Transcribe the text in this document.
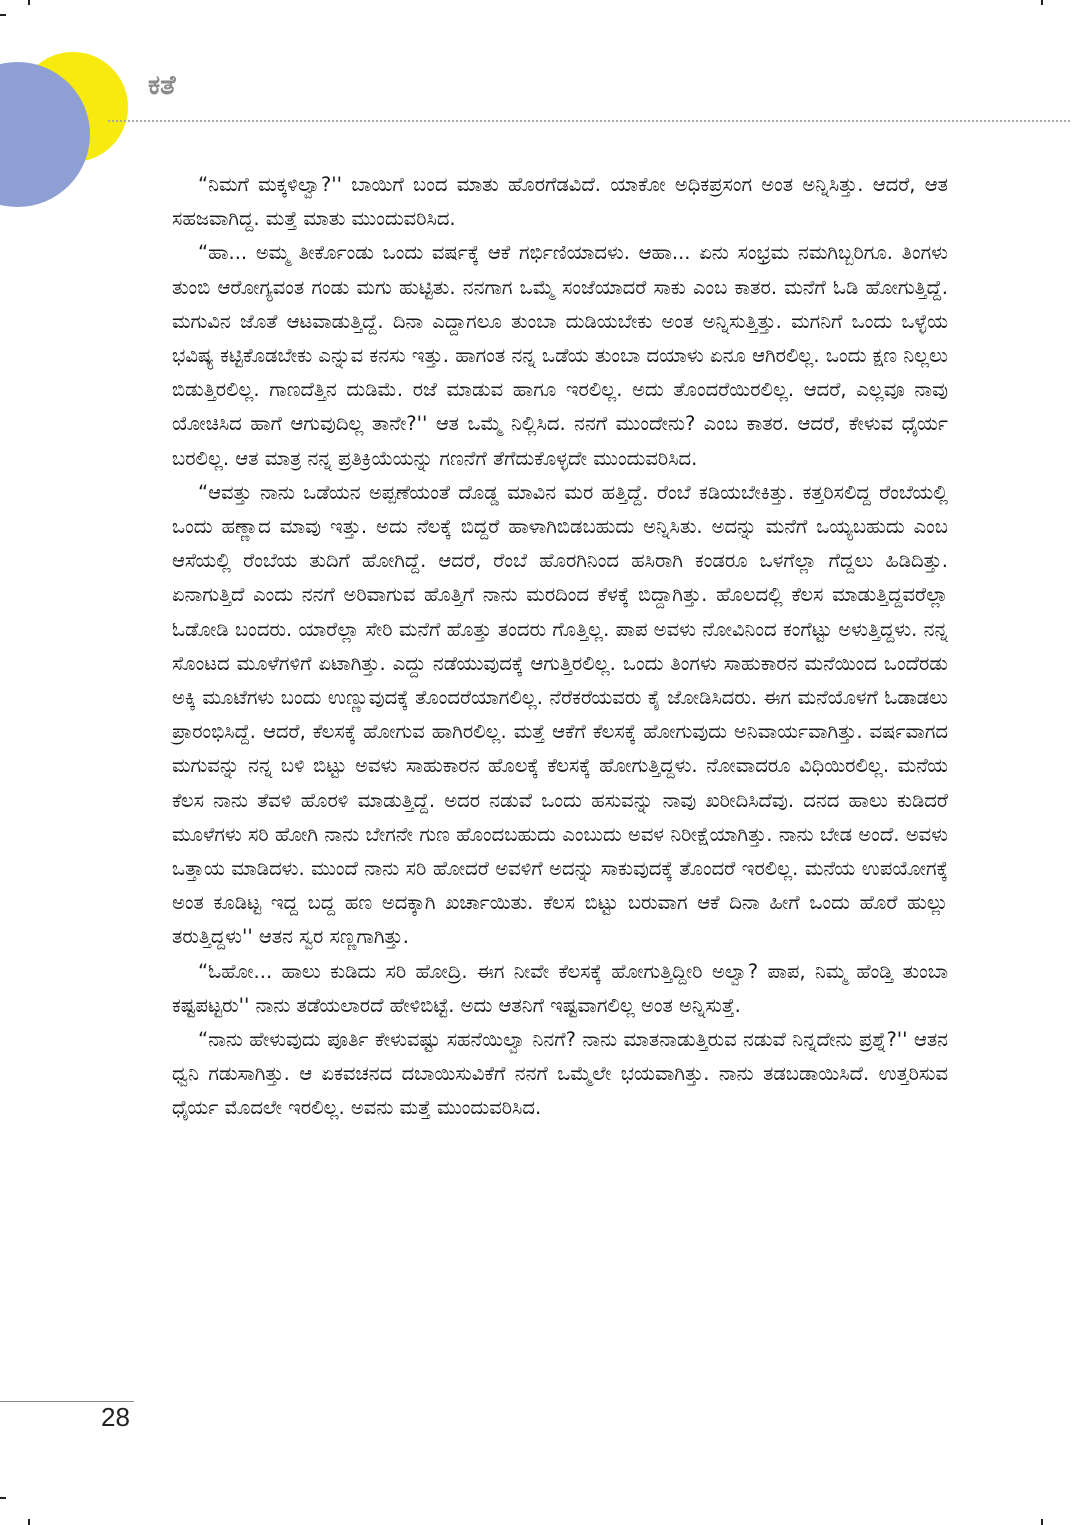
ಕತೆ

“ನಿಮಗೆ ಮಕ್ಕಳಿಲ್ವಾ?'' ಬಾಯಿಗೆ ಬಂದ ಮಾತು ಹೊರಗೆಡವಿದೆ. ಯಾಕೋ ಅಧಿಕಪ್ರಸಂಗ ಅಂತ ಅನ್ನಿಸಿತ್ತು. ಆದರೆ, ಆತ ಸಹಜವಾಗಿದ್ದ. ಮತ್ತೆ ಮಾತು ಮುಂದುವರಿಸಿದ.

“ಹಾ... ಅಮ್ಮ ತೀರ್ಕೊಂಡು ಒಂದು ವರ್ಷಕ್ಕೆ ಆಕೆ ಗರ್ಭಿಣಿಯಾದಳು. ಆಹಾ... ಏನು ಸಂಭ್ರಮ ನಮಗಿಬ್ಬರಿಗೂ. ತಿಂಗಳು ತುಂಬಿ ಆರೋಗ್ಯವಂತ ಗಂಡು ಮಗು ಹುಟ್ಟಿತು. ನನಗಾಗ ಒಮ್ಮೆ ಸಂಜೆಯಾದರೆ ಸಾಕು ಎಂಬ ಕಾತರ. ಮನೆಗೆ ಓಡಿ ಹೋಗುತ್ತಿದ್ದೆ. ಮಗುವಿನ ಜೊತೆ ಆಟವಾಡುತ್ತಿದ್ದೆ. ದಿನಾ ಎದ್ದಾಗಲೂ ತುಂಬಾ ದುಡಿಯಬೇಕು ಅಂತ ಅನ್ನಿಸುತ್ತಿತ್ತು. ಮಗನಿಗೆ ಒಂದು ಒಳ್ಳೆಯ ಭವಿಷ್ಯ ಕಟ್ಟಿಕೊಡಬೇಕು ಎನ್ನುವ ಕನಸು ಇತ್ತು. ಹಾಗಂತ ನನ್ನ ಒಡೆಯ ತುಂಬಾ ದಯಾಳು ಏನೂ ಆಗಿರಲಿಲ್ಲ. ಒಂದು ಕ್ಷಣ ನಿಲ್ಲಲು ಬಿಡುತ್ತಿರಲಿಲ್ಲ. ಗಾಣದೆತ್ತಿನ ದುಡಿಮೆ. ರಜೆ ಮಾಡುವ ಹಾಗೂ ಇರಲಿಲ್ಲ. ಅದು ತೊಂದರೆಯಿರಲಿಲ್ಲ. ಆದರೆ, ಎಲ್ಲವೂ ನಾವು ಯೋಚಿಸಿದ ಹಾಗೆ ಆಗುವುದಿಲ್ಲ ತಾನೇ?'' ಆತ ಒಮ್ಮೆ ನಿಲ್ಲಿಸಿದ. ನನಗೆ ಮುಂದೇನು? ಎಂಬ ಕಾತರ. ಆದರೆ, ಕೇಳುವ ಧೈರ್ಯ ಬರಲಿಲ್ಲ. ಆತ ಮಾತ್ರ ನನ್ನ ಪ್ರತಿಕ್ರಿಯೆಯನ್ನು ಗಣನೆಗೆ ತೆಗೆದುಕೊಳ್ಳದೇ ಮುಂದುವರಿಸಿದ.

“ಆವತ್ತು ನಾನು ಒಡೆಯನ ಅಪ್ಪಣೆಯಂತೆ ದೊಡ್ಡ ಮಾವಿನ ಮರ ಹತ್ತಿದ್ದೆ. ರೆಂಬೆ ಕಡಿಯಬೇಕಿತ್ತು. ಕತ್ತರಿಸಲಿದ್ದ ರೆಂಬೆಯಲ್ಲಿ ಒಂದು ಹಣ್ಣಾದ ಮಾವು ಇತ್ತು. ಅದು ನೆಲಕ್ಕೆ ಬಿದ್ದರೆ ಹಾಳಾಗಿಬಿಡಬಹುದು ಅನ್ನಿಸಿತು. ಅದನ್ನು ಮನೆಗೆ ಒಯ್ಯಬಹುದು ಎಂಬ ಆಸೆಯಲ್ಲಿ ರೆಂಬೆಯ ತುದಿಗೆ ಹೋಗಿದ್ದೆ. ಆದರೆ, ರೆಂಬೆ ಹೊರಗಿನಿಂದ ಹಸಿರಾಗಿ ಕಂಡರೂ ಒಳಗೆಲ್ಲಾ ಗೆದ್ದಲು ಹಿಡಿದಿತ್ತು. ಏನಾಗುತ್ತಿದೆ ಎಂದು ನನಗೆ ಅರಿವಾಗುವ ಹೊತ್ತಿಗೆ ನಾನು ಮರದಿಂದ ಕೆಳಕ್ಕೆ ಬಿದ್ದಾಗಿತ್ತು. ಹೊಲದಲ್ಲಿ ಕೆಲಸ ಮಾಡುತ್ತಿದ್ದವರೆಲ್ಲಾ ಓಡೋಡಿ ಬಂದರು. ಯಾರೆಲ್ಲಾ ಸೇರಿ ಮನೆಗೆ ಹೊತ್ತು ತಂದರು ಗೊತ್ತಿಲ್ಲ. ಪಾಪ ಅವಳು ನೋವಿನಿಂದ ಕಂಗೆಟ್ಟು ಅಳುತ್ತಿದ್ದಳು. ನನ್ನ ಸೊಂಟದ ಮೂಳೆಗಳಿಗೆ ಏಟಾಗಿತ್ತು. ಎದ್ದು ನಡೆಯುವುದಕ್ಕೆ ಆಗುತ್ತಿರಲಿಲ್ಲ. ಒಂದು ತಿಂಗಳು ಸಾಹುಕಾರನ ಮನೆಯಿಂದ ಒಂದೆರಡು ಅಕ್ಕಿ ಮೂಟೆಗಳು ಬಂದು ಉಣ್ಣುವುದಕ್ಕೆ ತೊಂದರೆಯಾಗಲಿಲ್ಲ. ನೆರೆಕರೆಯವರು ಕೈ ಜೋಡಿಸಿದರು. ಈಗ ಮನೆಯೊಳಗೆ ಓಡಾಡಲು ಪ್ರಾರಂಭಿಸಿದ್ದೆ. ಆದರೆ, ಕೆಲಸಕ್ಕೆ ಹೋಗುವ ಹಾಗಿರಲಿಲ್ಲ. ಮತ್ತೆ ಆಕೆಗೆ ಕೆಲಸಕ್ಕೆ ಹೋಗುವುದು ಅನಿವಾರ್ಯವಾಗಿತ್ತು. ವರ್ಷವಾಗದ ಮಗುವನ್ನು ನನ್ನ ಬಳಿ ಬಿಟ್ಟು ಅವಳು ಸಾಹುಕಾರನ ಹೊಲಕ್ಕೆ ಕೆಲಸಕ್ಕೆ ಹೋಗುತ್ತಿದ್ದಳು. ನೋವಾದರೂ ವಿಧಿಯಿರಲಿಲ್ಲ. ಮನೆಯ ಕೆಲಸ ನಾನು ತೆವಳಿ ಹೊರಳಿ ಮಾಡುತ್ತಿದ್ದೆ. ಅದರ ನಡುವೆ ಒಂದು ಹಸುವನ್ನು ನಾವು ಖರೀದಿಸಿದೆವು. ದನದ ಹಾಲು ಕುಡಿದರೆ ಮೂಳೆಗಳು ಸರಿ ಹೋಗಿ ನಾನು ಬೇಗನೇ ಗುಣ ಹೊಂದಬಹುದು ಎಂಬುದು ಅವಳ ನಿರೀಕ್ಷೆಯಾಗಿತ್ತು. ನಾನು ಬೇಡ ಅಂದೆ. ಅವಳು ಒತ್ತಾಯ ಮಾಡಿದಳು. ಮುಂದೆ ನಾನು ಸರಿ ಹೋದರೆ ಅವಳಿಗೆ ಅದನ್ನು ಸಾಕುವುದಕ್ಕೆ ತೊಂದರೆ ಇರಲಿಲ್ಲ. ಮನೆಯ ಉಪಯೋಗಕ್ಕೆ ಅಂತ ಕೂಡಿಟ್ಟ ಇದ್ದ ಬದ್ದ ಹಣ ಅದಕ್ಕಾಗಿ ಖರ್ಚಾಯಿತು. ಕೆಲಸ ಬಿಟ್ಟು ಬರುವಾಗ ಆಕೆ ದಿನಾ ಹೀಗೆ ಒಂದು ಹೊರೆ ಹುಲ್ಲು ತರುತ್ತಿದ್ದಳು'' ಆತನ ಸ್ವರ ಸಣ್ಣಗಾಗಿತ್ತು.

“ಓಹೋ... ಹಾಲು ಕುಡಿದು ಸರಿ ಹೋದ್ರಿ. ಈಗ ನೀವೇ ಕೆಲಸಕ್ಕೆ ಹೋಗುತ್ತಿದ್ದೀರಿ ಅಲ್ವಾ? ಪಾಪ, ನಿಮ್ಮ ಹೆಂಡ್ತಿ ತುಂಬಾ ಕಷ್ಟಪಟ್ಟರು'' ನಾನು ತಡೆಯಲಾರದೆ ಹೇಳಿಬಿಟ್ಟೆ. ಅದು ಆತನಿಗೆ ಇಷ್ಟವಾಗಲಿಲ್ಲ ಅಂತ ಅನ್ನಿಸುತ್ತೆ.

“ನಾನು ಹೇಳುವುದು ಪೂರ್ತಿ ಕೇಳುವಷ್ಟು ಸಹನೆಯಿಲ್ವಾ ನಿನಗೆ? ನಾನು ಮಾತನಾಡುತ್ತಿರುವ ನಡುವೆ ನಿನ್ನದೇನು ಪ್ರಶ್ನೆ?'' ಆತನ ಧ್ವನಿ ಗಡುಸಾಗಿತ್ತು. ಆ ಏಕವಚನದ ದಬಾಯಿಸುವಿಕೆಗೆ ನನಗೆ ಒಮ್ಮೆಲೇ ಭಯವಾಗಿತ್ತು. ನಾನು ತಡಬಡಾಯಿಸಿದೆ. ಉತ್ತರಿಸುವ ಧೈರ್ಯ ಮೊದಲೇ ಇರಲಿಲ್ಲ. ಅವನು ಮತ್ತೆ ಮುಂದುವರಿಸಿದ.

28
